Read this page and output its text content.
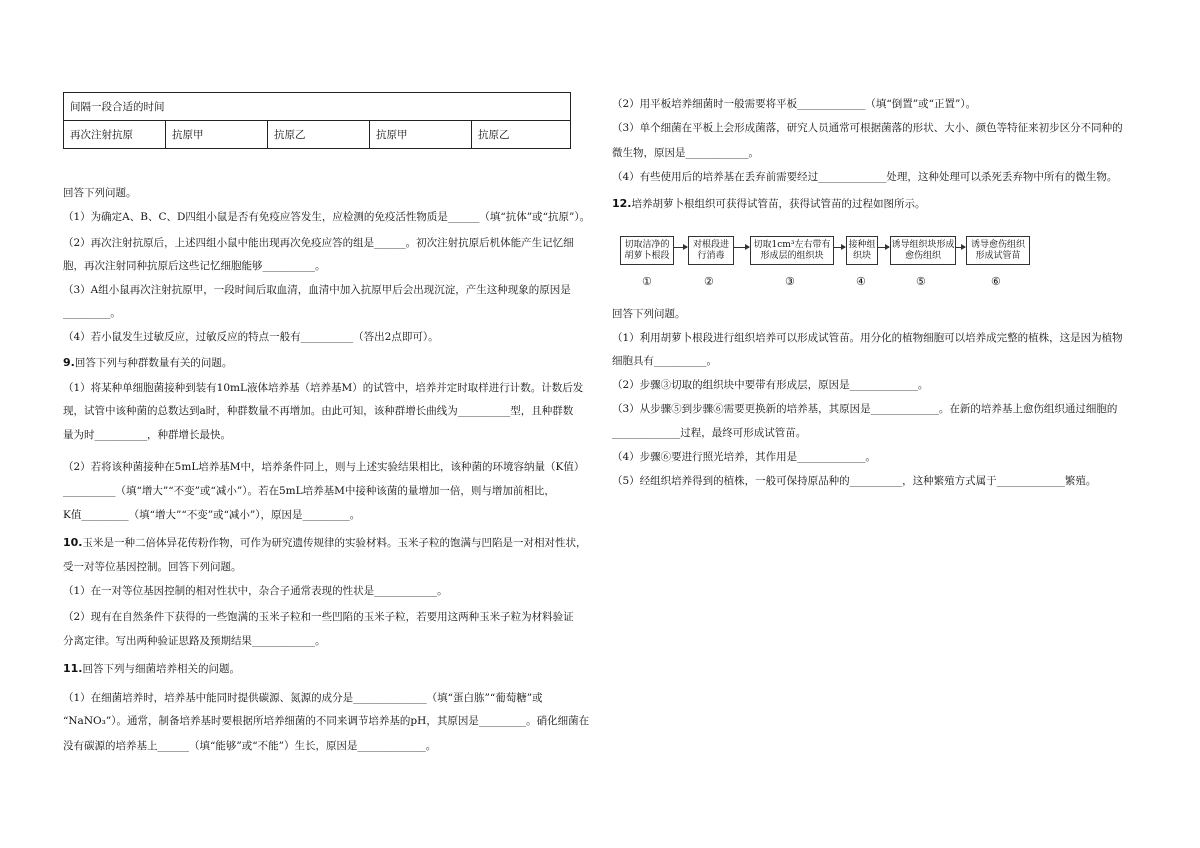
间隔一段合适的时间
再次注射抗原	抗原甲	抗原乙	抗原甲	抗原乙
回答下列问题。
（1）为确定A、B、C、D四组小鼠是否有免疫应答发生，应检测的免疫活性物质是______（填“抗体”或“抗原”）。
（2）再次注射抗原后，上述四组小鼠中能出现再次免疫应答的组是______。初次注射抗原后机体能产生记忆细
胞，再次注射同种抗原后这些记忆细胞能够__________。
（3）A组小鼠再次注射抗原甲，一段时间后取血清，血清中加入抗原甲后会出现沉淀，产生这种现象的原因是
_________。
（4）若小鼠发生过敏反应，过敏反应的特点一般有__________（答出2点即可）。
9.回答下列与种群数量有关的问题。
（1）将某种单细胞菌接种到装有10mL液体培养基（培养基M）的试管中，培养并定时取样进行计数。计数后发
现，试管中该种菌的总数达到a时，种群数量不再增加。由此可知，该种群增长曲线为__________型，且种群数
量为时__________，种群增长最快。
（2）若将该种菌接种在5mL培养基M中，培养条件同上，则与上述实验结果相比，该种菌的环境容纳量（K值）
__________（填“增大”“不变”或“减小”）。若在5mL培养基M中接种该菌的量增加一倍，则与增加前相比，
K值_________（填“增大”“不变”或“减小”），原因是_________。
10.玉米是一种二倍体异花传粉作物，可作为研究遗传规律的实验材料。玉米子粒的饱满与凹陷是一对相对性状，
受一对等位基因控制。回答下列问题。
（1）在一对等位基因控制的相对性状中，杂合子通常表现的性状是____________。
（2）现有在自然条件下获得的一些饱满的玉米子粒和一些凹陷的玉米子粒，若要用这两种玉米子粒为材料验证
分离定律。写出两种验证思路及预期结果____________。
11.回答下列与细菌培养相关的问题。
（1）在细菌培养时，培养基中能同时提供碳源、氮源的成分是______________（填“蛋白胨”“葡萄糖”或
“NaNO₃”）。通常，制备培养基时要根据所培养细菌的不同来调节培养基的pH，其原因是_________。硝化细菌在
没有碳源的培养基上______（填“能够”或“不能”）生长，原因是_____________。
（2）用平板培养细菌时一般需要将平板_____________（填“倒置”或“正置”）。
（3）单个细菌在平板上会形成菌落，研究人员通常可根据菌落的形状、大小、颜色等特征来初步区分不同种的
微生物，原因是____________。
（4）有些使用后的培养基在丢弃前需要经过_____________处理，这种处理可以杀死丢弃物中所有的微生物。
12.培养胡萝卜根组织可获得试管苗，获得试管苗的过程如图所示。
切取洁净的胡萝卜根段
对根段进行消毒
切取1cm³左右带有形成层的组织块
接种组织块
诱导组织块形成愈伤组织
诱导愈伤组织形成试管苗
①	②	③	④	⑤	⑥
回答下列问题。
（1）利用胡萝卜根段进行组织培养可以形成试管苗。用分化的植物细胞可以培养成完整的植株，这是因为植物
细胞具有__________。
（2）步骤③切取的组织块中要带有形成层，原因是_____________。
（3）从步骤⑤到步骤⑥需要更换新的培养基，其原因是_____________。在新的培养基上愈伤组织通过细胞的
_____________过程，最终可形成试管苗。
（4）步骤⑥要进行照光培养，其作用是_____________。
（5）经组织培养得到的植株，一般可保持原品种的__________，这种繁殖方式属于_____________繁殖。
